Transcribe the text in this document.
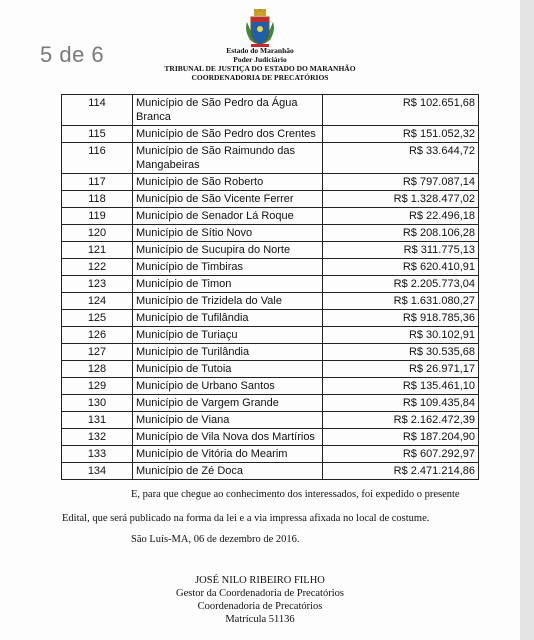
5 de 6	Estado do Maranhão
Poder Judiciário
TRIBUNAL DE JUSTIÇA DO ESTADO DO MARANHÃO
COORDENADORIA DE PRECATÓRIOS
114	Município de São Pedro da Água Branca	R$ 102.651,68
115	Município de São Pedro dos Crentes	R$ 151.052,32
116	Município de São Raimundo das Mangabeiras	R$ 33.644,72
117	Município de São Roberto	R$ 797.087,14
118	Município de São Vicente Ferrer	R$ 1.328.477,02
119	Município de Senador Lá Roque	R$ 22.496,18
120	Município de Sítio Novo	R$ 208.106,28
121	Município de Sucupira do Norte	R$ 311.775,13
122	Município de Timbiras	R$ 620.410,91
123	Município de Timon	R$ 2.205.773,04
124	Município de Trizidela do Vale	R$ 1.631.080,27
125	Município de Tufilândia	R$ 918.785,36
126	Município de Turiaçu	R$ 30.102,91
127	Município de Turilândia	R$ 30.535,68
128	Município de Tutoia	R$ 26.971,17
129	Município de Urbano Santos	R$ 135.461,10
130	Município de Vargem Grande	R$ 109.435,84
131	Município de Viana	R$ 2.162.472,39
132	Município de Vila Nova dos Martírios	R$ 187.204,90
133	Município de Vitória do Mearim	R$ 607.292,97
134	Município de Zé Doca	R$ 2.471.214,86
E, para que chegue ao conhecimento dos interessados, foi expedido o presente
Edital, que será publicado na forma da lei e a via impressa afixada no local de costume.
São Luís-MA, 06 de dezembro de 2016.
JOSÉ NILO RIBEIRO FILHO
Gestor da Coordenadoria de Precatórios
Coordenadoria de Precatórios
Matrícula 51136
